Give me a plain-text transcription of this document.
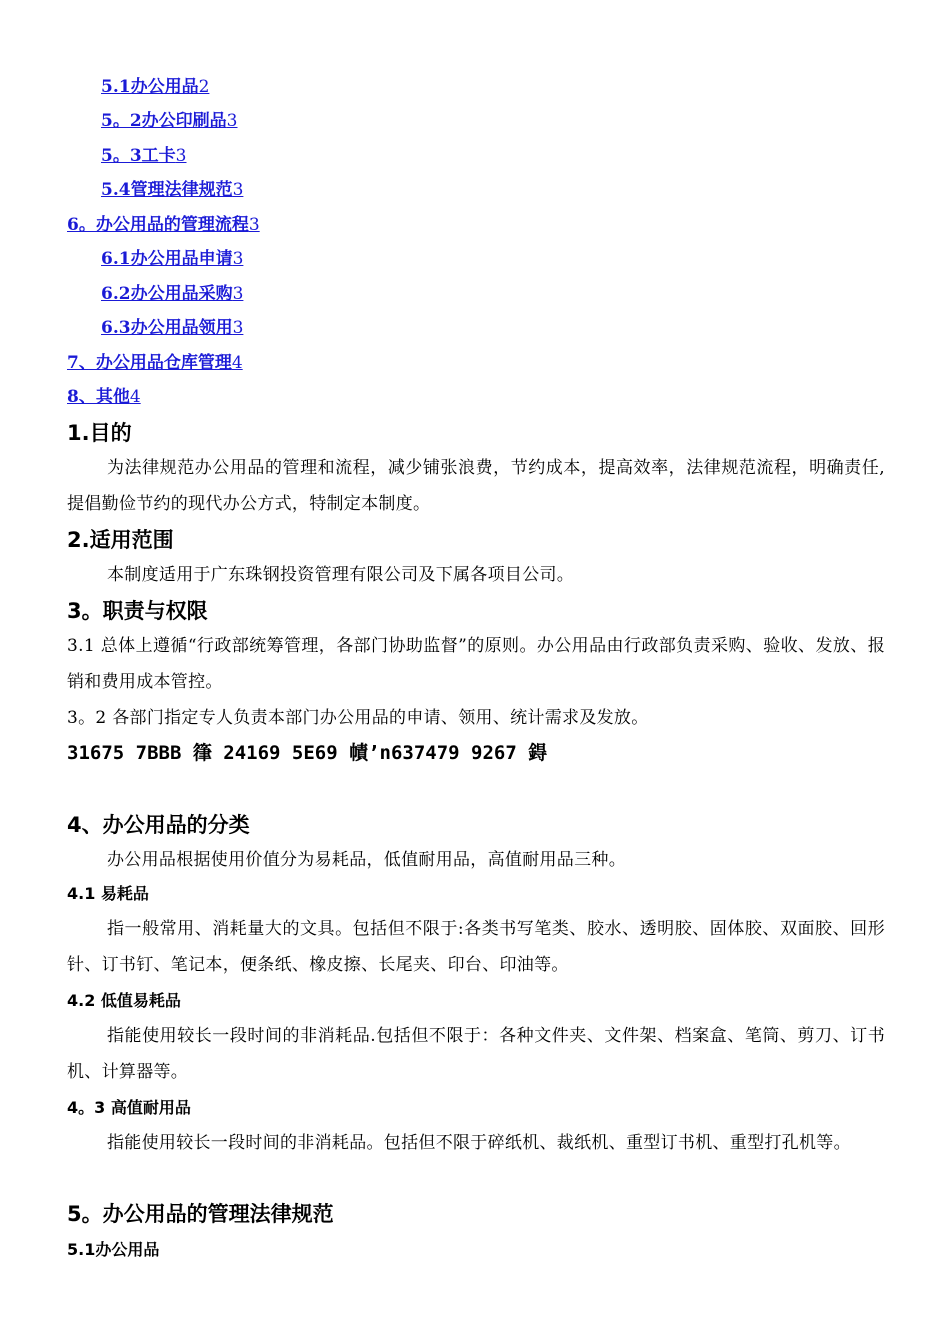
5.1办公用品2
5。2办公印刷品3
5。3工卡3
5.4管理法律规范3
6。办公用品的管理流程3
6.1办公用品申请3
6.2办公用品采购3
6.3办公用品领用3
7、办公用品仓库管理4
8、其他4
1.目的
为法律规范办公用品的管理和流程，减少铺张浪费，节约成本，提高效率，法律规范流程，明确责任,提倡勤俭节约的现代办公方式，特制定本制度。
2.适用范围
本制度适用于广东珠钢投资管理有限公司及下属各项目公司。
3。职责与权限
3.1 总体上遵循“行政部统筹管理，各部门协助监督”的原则。办公用品由行政部负责采购、验收、发放、报销和费用成本管控。
3。2 各部门指定专人负责本部门办公用品的申请、领用、统计需求及发放。
31675 7BBB 箻 24169 5E69 幘’n637479 9267 鍀
4、办公用品的分类
办公用品根据使用价值分为易耗品，低值耐用品，高值耐用品三种。
4.1 易耗品
指一般常用、消耗量大的文具。包括但不限于:各类书写笔类、胶水、透明胶、固体胶、双面胶、回形针、订书钉、笔记本，便条纸、橡皮擦、长尾夹、印台、印油等。
4.2 低值易耗品
指能使用较长一段时间的非消耗品.包括但不限于：各种文件夹、文件架、档案盒、笔筒、剪刀、订书机、计算器等。
4。3 高值耐用品
指能使用较长一段时间的非消耗品。包括但不限于碎纸机、裁纸机、重型订书机、重型打孔机等。
5。办公用品的管理法律规范
5.1办公用品
